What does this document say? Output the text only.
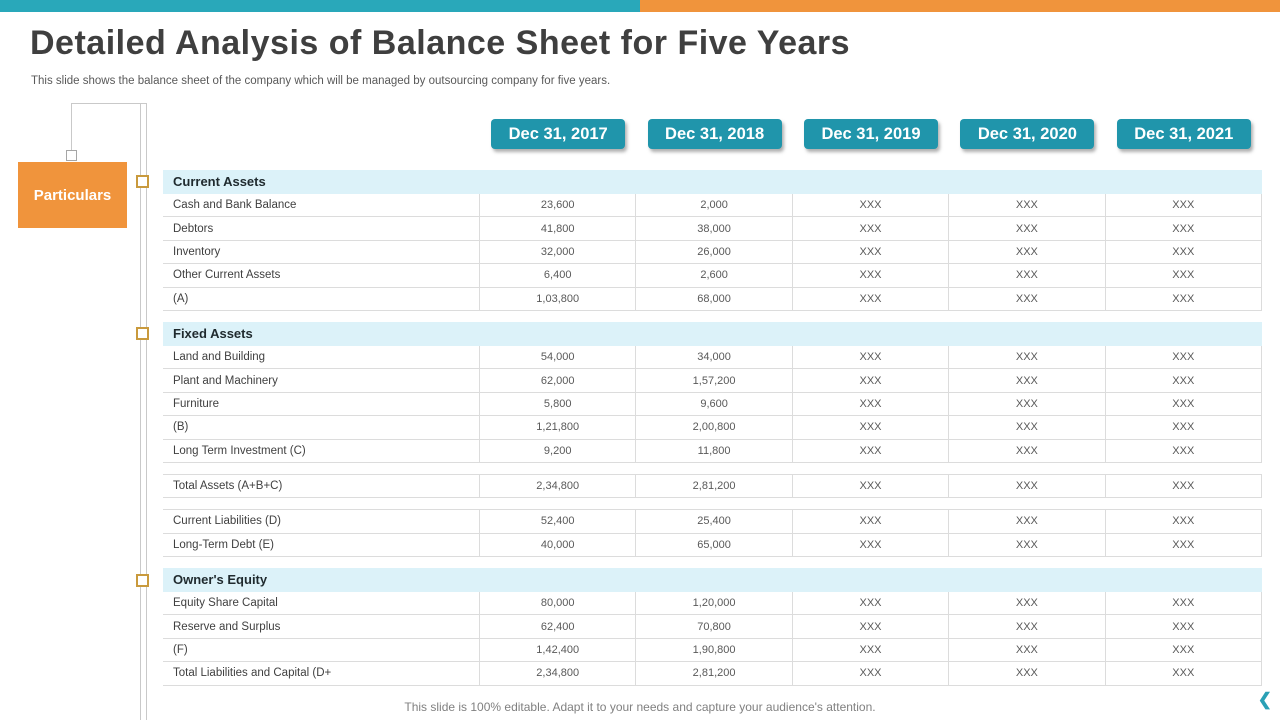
Detailed Analysis of Balance Sheet for Five Years
This slide shows the balance sheet of the company which will be managed by outsourcing company for five years.
Particulars
Dec 31, 2017	Dec 31, 2018	Dec 31, 2019	Dec 31, 2020	Dec 31, 2021
Current Assets
Cash and Bank Balance	23,600	2,000	XXX	XXX	XXX
Debtors	41,800	38,000	XXX	XXX	XXX
Inventory	32,000	26,000	XXX	XXX	XXX
Other Current Assets	6,400	2,600	XXX	XXX	XXX
(A)	1,03,800	68,000	XXX	XXX	XXX
Fixed Assets
Land and Building	54,000	34,000	XXX	XXX	XXX
Plant and Machinery	62,000	1,57,200	XXX	XXX	XXX
Furniture	5,800	9,600	XXX	XXX	XXX
(B)	1,21,800	2,00,800	XXX	XXX	XXX
Long Term Investment (C)	9,200	11,800	XXX	XXX	XXX
Total Assets (A+B+C)	2,34,800	2,81,200	XXX	XXX	XXX
Current Liabilities (D)	52,400	25,400	XXX	XXX	XXX
Long-Term Debt (E)	40,000	65,000	XXX	XXX	XXX
Owner's Equity
Equity Share Capital	80,000	1,20,000	XXX	XXX	XXX
Reserve and Surplus	62,400	70,800	XXX	XXX	XXX
(F)	1,42,400	1,90,800	XXX	XXX	XXX
Total Liabilities and Capital (D+	2,34,800	2,81,200	XXX	XXX	XXX
This slide is 100% editable. Adapt it to your needs and capture your audience's attention.	❮
